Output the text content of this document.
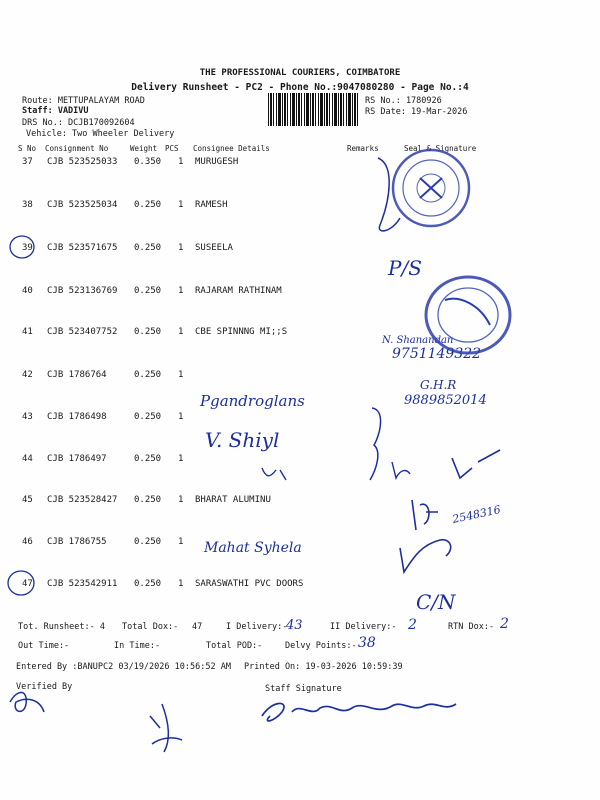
THE PROFESSIONAL COURIERS, COIMBATORE
Delivery Runsheet - PC2 - Phone No.:9047080280 - Page No.:4
Route: METTUPALAYAM ROAD
Staff: VADIVU
DRS No.: DCJB170092604
Vehicle: Two Wheeler Delivery
RS No.: 1780926
RS Date: 19-Mar-2026
S No Consignment No	Weight PCS Consignee Details	Remarks	Seal & Signature
37 CJB 523525033 0.350 1 MURUGESH
38 CJB 523525034 0.250 1 RAMESH
39 CJB 523571675 0.250 1 SUSEELA
40 CJB 523136769 0.250 1 RAJARAM RATHINAM
41 CJB 523407752 0.250 1 CBE SPINNNG MI;;S
42 CJB 1786764	0.250 1
43 CJB 1786498	0.250 1
44 CJB 1786497	0.250 1
45 CJB 523528427 0.250 1 BHARAT ALUMINU
46 CJB 1786755	0.250 1
47 CJB 523542911 0.250 1 SARASWATHI PVC DOORS
Tot. Runsheet:- 4 Total Dox:- 47	I Delivery:-	II Delivery:-	RTN Dox:-
Out Time:-	In Time:-	Total POD:-	Delvy Points:-
Entered By :BANUPC2 03/19/2026 10:56:52 AM Printed On: 19-03-2026 10:59:39
Verified By	Staff Signature
43	2	2
38
P/S
N. Shanandan
9751149322
G.H.R
9889852014
Pgandroglans
V. Shiyl
2548316
Mahat Syhela
C/N
